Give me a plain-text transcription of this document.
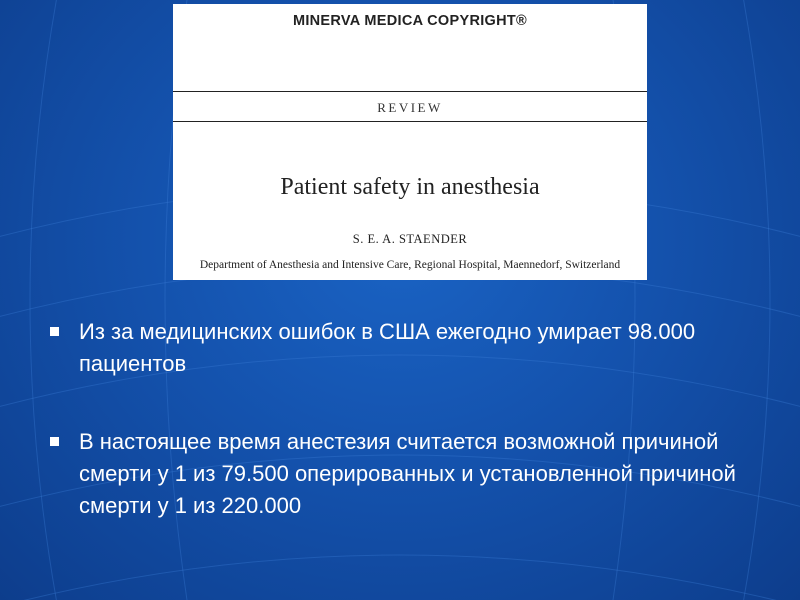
MINERVA MEDICA COPYRIGHT®
REVIEW
Patient safety in anesthesia
S. E. A. STAENDER
Department of Anesthesia and Intensive Care, Regional Hospital, Maennedorf, Switzerland
Из за медицинских ошибок в США ежегодно умирает 98.000 пациентов
В настоящее время анестезия считается возможной причиной смерти у 1 из 79.500 оперированных и установленной причиной смерти у 1 из 220.000
